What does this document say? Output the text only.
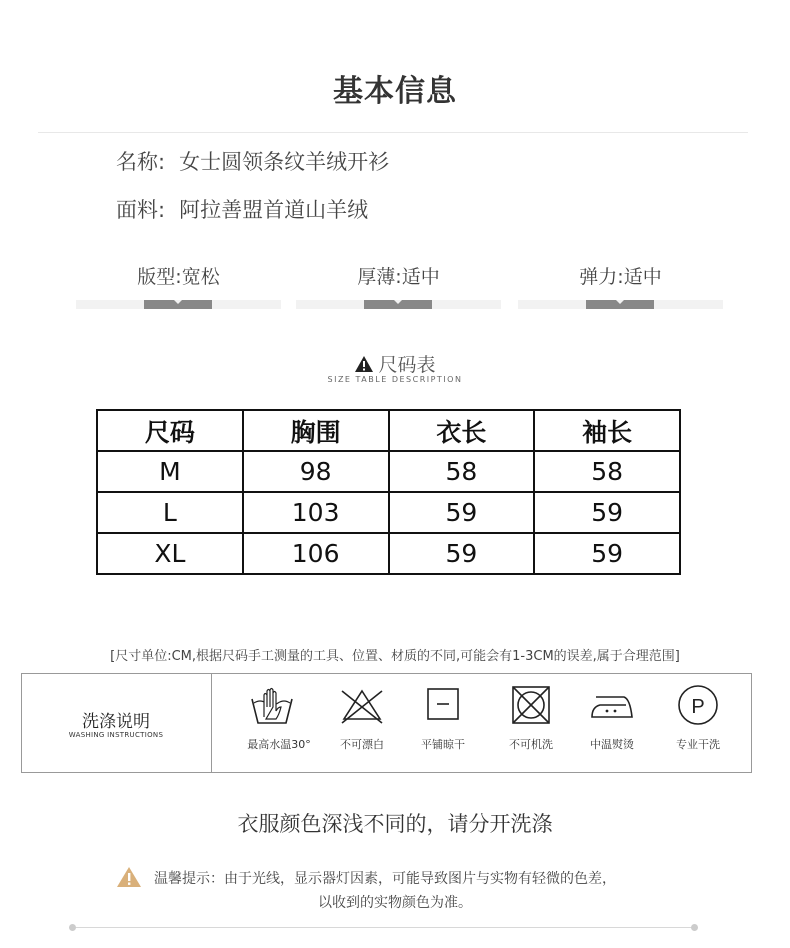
基本信息
名称: 女士圆领条纹羊绒开衫
面料: 阿拉善盟首道山羊绒
版型:宽松	厚薄:适中	弹力:适中
尺码表
SIZE TABLE DESCRIPTION
尺码	胸围	衣长	袖长
M	98	58	58
L	103	59	59
XL	106	59	59
[尺寸单位:CM,根据尺码手工测量的工具、位置、材质的不同,可能会有1-3CM的误差,属于合理范围]
洗涤说明
WASHING INSTRUCTIONS
P
最高水温30°	不可漂白	平铺晾干	不可机洗	中温熨烫	专业干洗
衣服颜色深浅不同的，请分开洗涤
温馨提示：由于光线，显示器灯因素，可能导致图片与实物有轻微的色差，
以收到的实物颜色为准。
